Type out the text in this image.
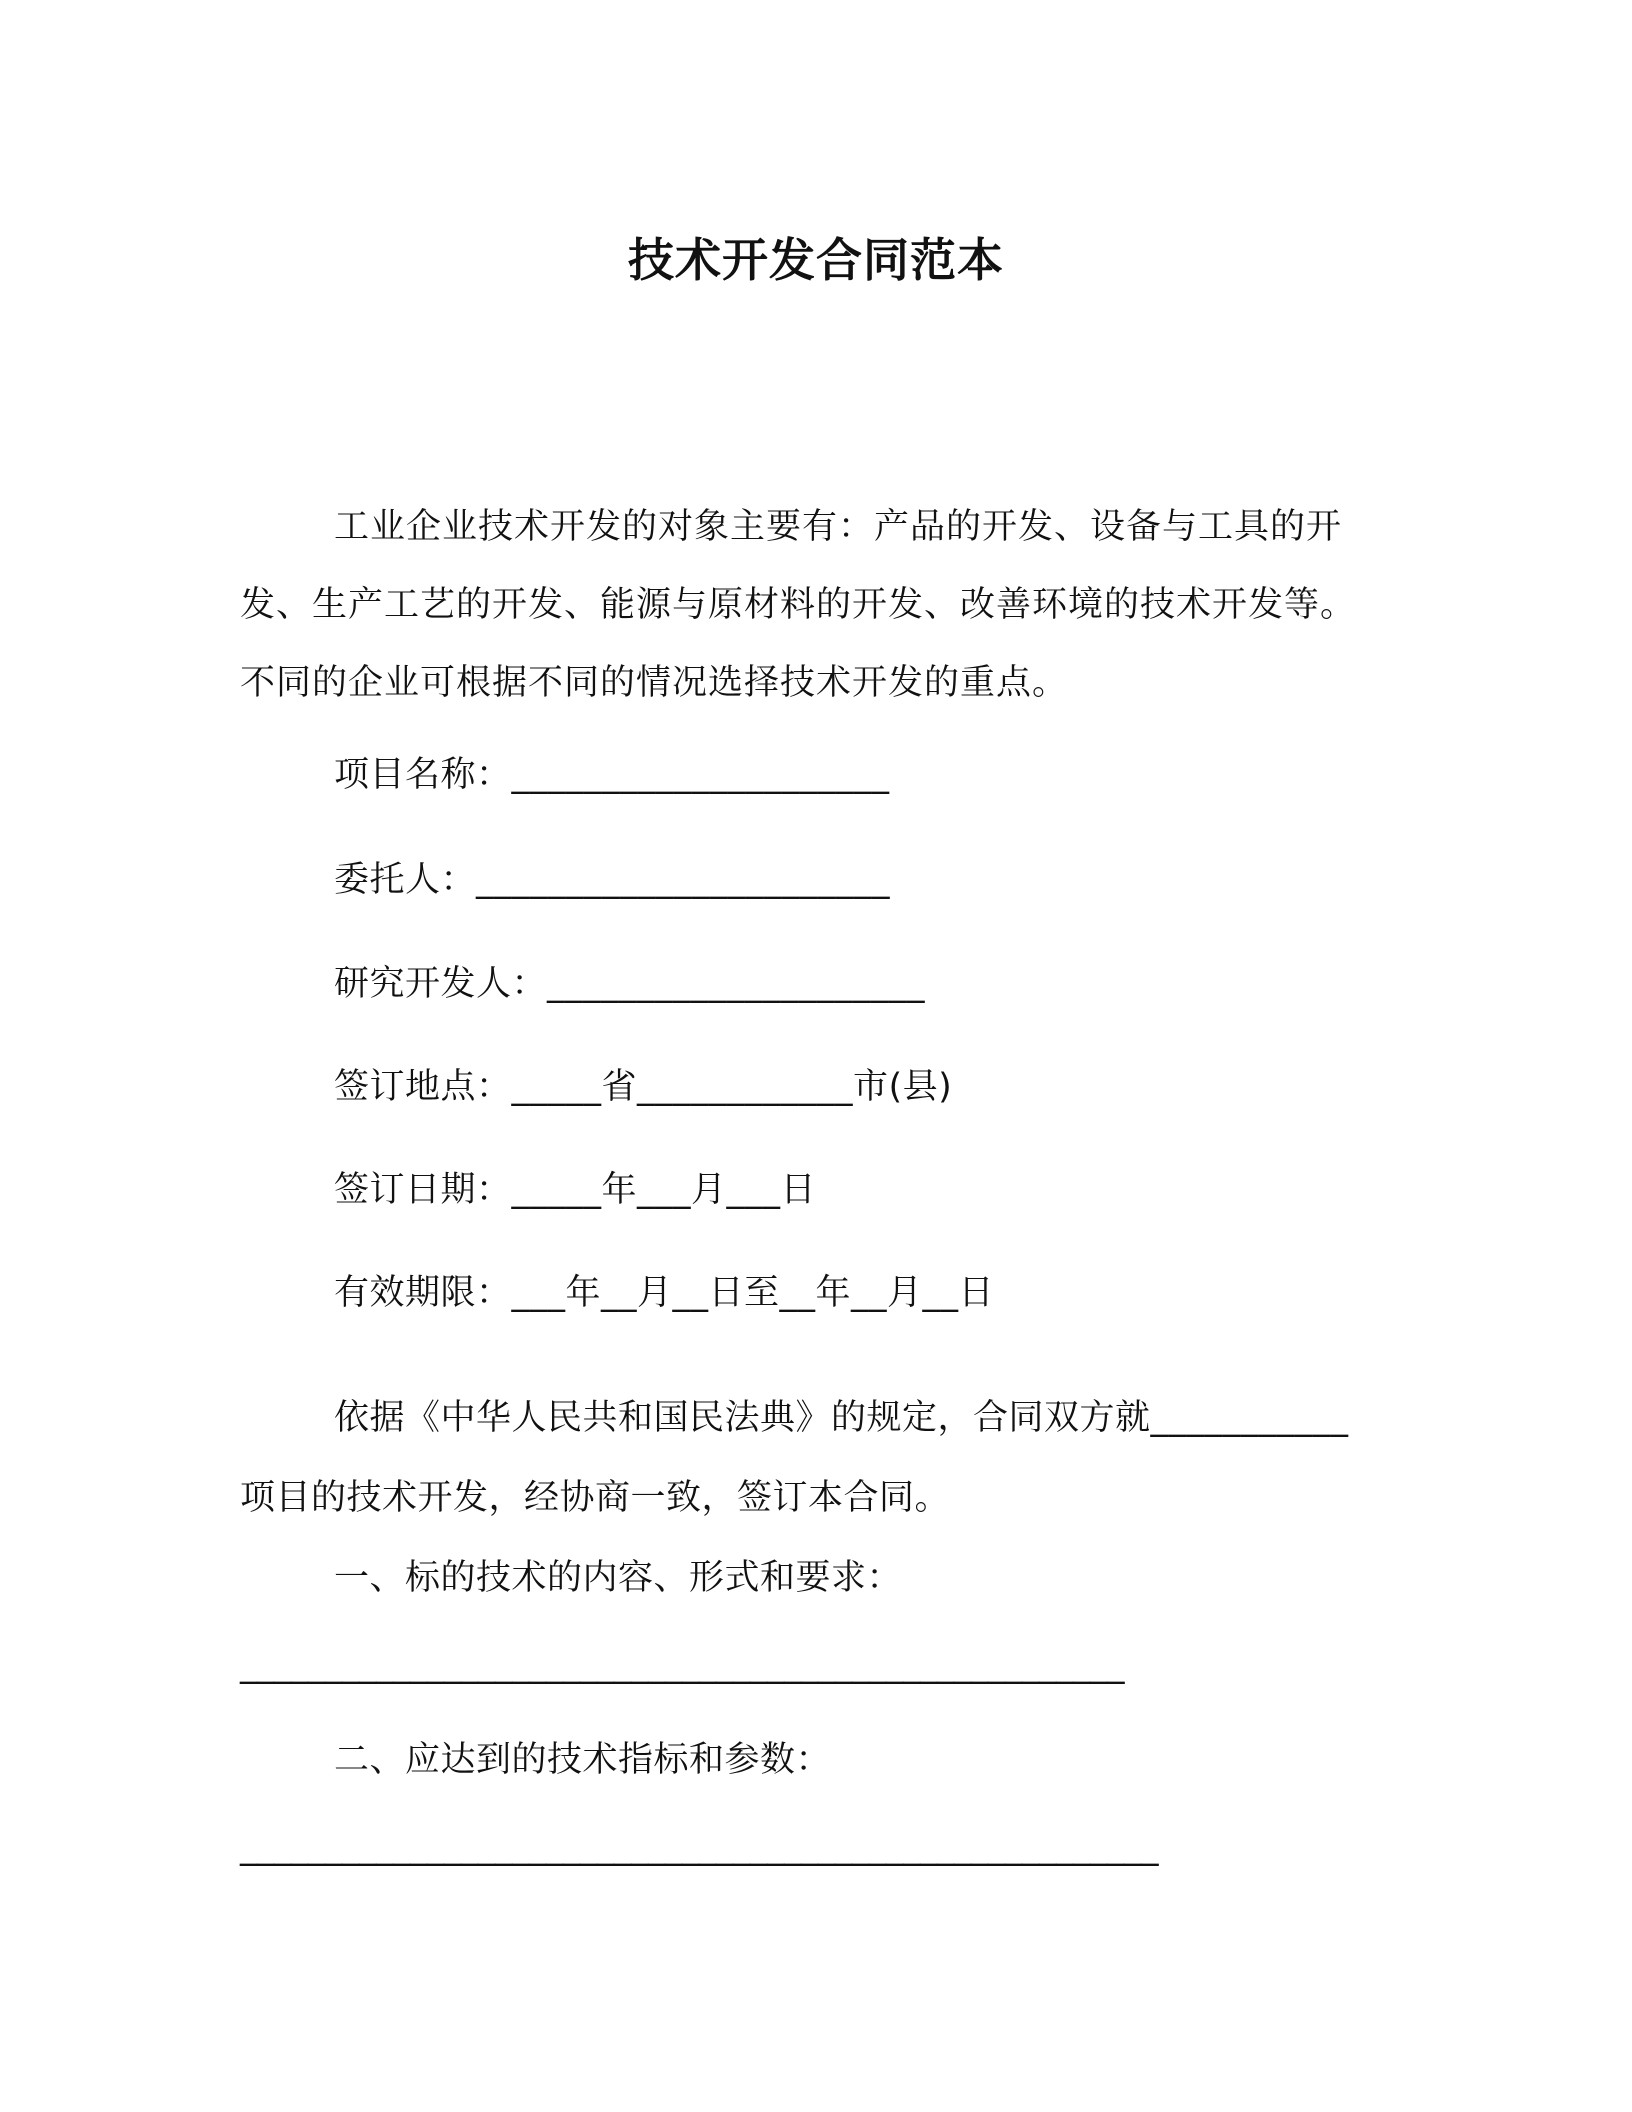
技术开发合同范本
工业企业技术开发的对象主要有：产品的开发、设备与工具的开发、生产工艺的开发、能源与原材料的开发、改善环境的技术开发等。不同的企业可根据不同的情况选择技术开发的重点。
项目名称：_____________________
委托人：_______________________
研究开发人：_____________________
签订地点：_____省____________市(县)
签订日期：_____年___月___日
有效期限：___年__月__日至__年__月__日
依据《中华人民共和国民法典》的规定，合同双方就___________项目的技术开发，经协商一致，签订本合同。
一、标的技术的内容、形式和要求：
____________________________________________________
二、应达到的技术指标和参数：
______________________________________________________
